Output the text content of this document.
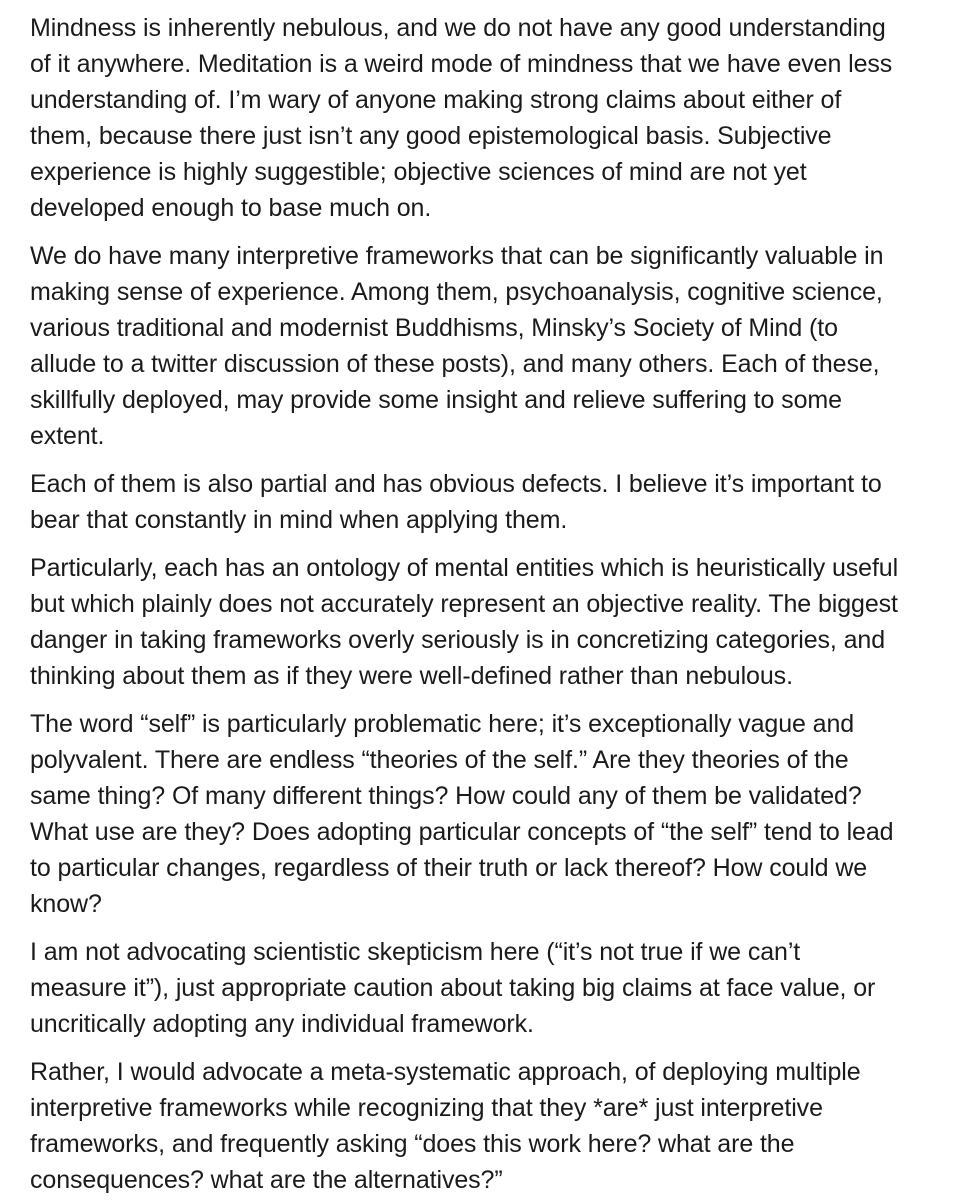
Mindness is inherently nebulous, and we do not have any good understanding
of it anywhere. Meditation is a weird mode of mindness that we have even less
understanding of. I’m wary of anyone making strong claims about either of
them, because there just isn’t any good epistemological basis. Subjective
experience is highly suggestible; objective sciences of mind are not yet
developed enough to base much on.
We do have many interpretive frameworks that can be significantly valuable in
making sense of experience. Among them, psychoanalysis, cognitive science,
various traditional and modernist Buddhisms, Minsky’s Society of Mind (to
allude to a twitter discussion of these posts), and many others. Each of these,
skillfully deployed, may provide some insight and relieve suffering to some
extent.
Each of them is also partial and has obvious defects. I believe it’s important to
bear that constantly in mind when applying them.
Particularly, each has an ontology of mental entities which is heuristically useful
but which plainly does not accurately represent an objective reality. The biggest
danger in taking frameworks overly seriously is in concretizing categories, and
thinking about them as if they were well-defined rather than nebulous.
The word “self” is particularly problematic here; it’s exceptionally vague and
polyvalent. There are endless “theories of the self.” Are they theories of the
same thing? Of many different things? How could any of them be validated?
What use are they? Does adopting particular concepts of “the self” tend to lead
to particular changes, regardless of their truth or lack thereof? How could we
know?
I am not advocating scientistic skepticism here (“it’s not true if we can’t
measure it”), just appropriate caution about taking big claims at face value, or
uncritically adopting any individual framework.
Rather, I would advocate a meta-systematic approach, of deploying multiple
interpretive frameworks while recognizing that they *are* just interpretive
frameworks, and frequently asking “does this work here? what are the
consequences? what are the alternatives?”
